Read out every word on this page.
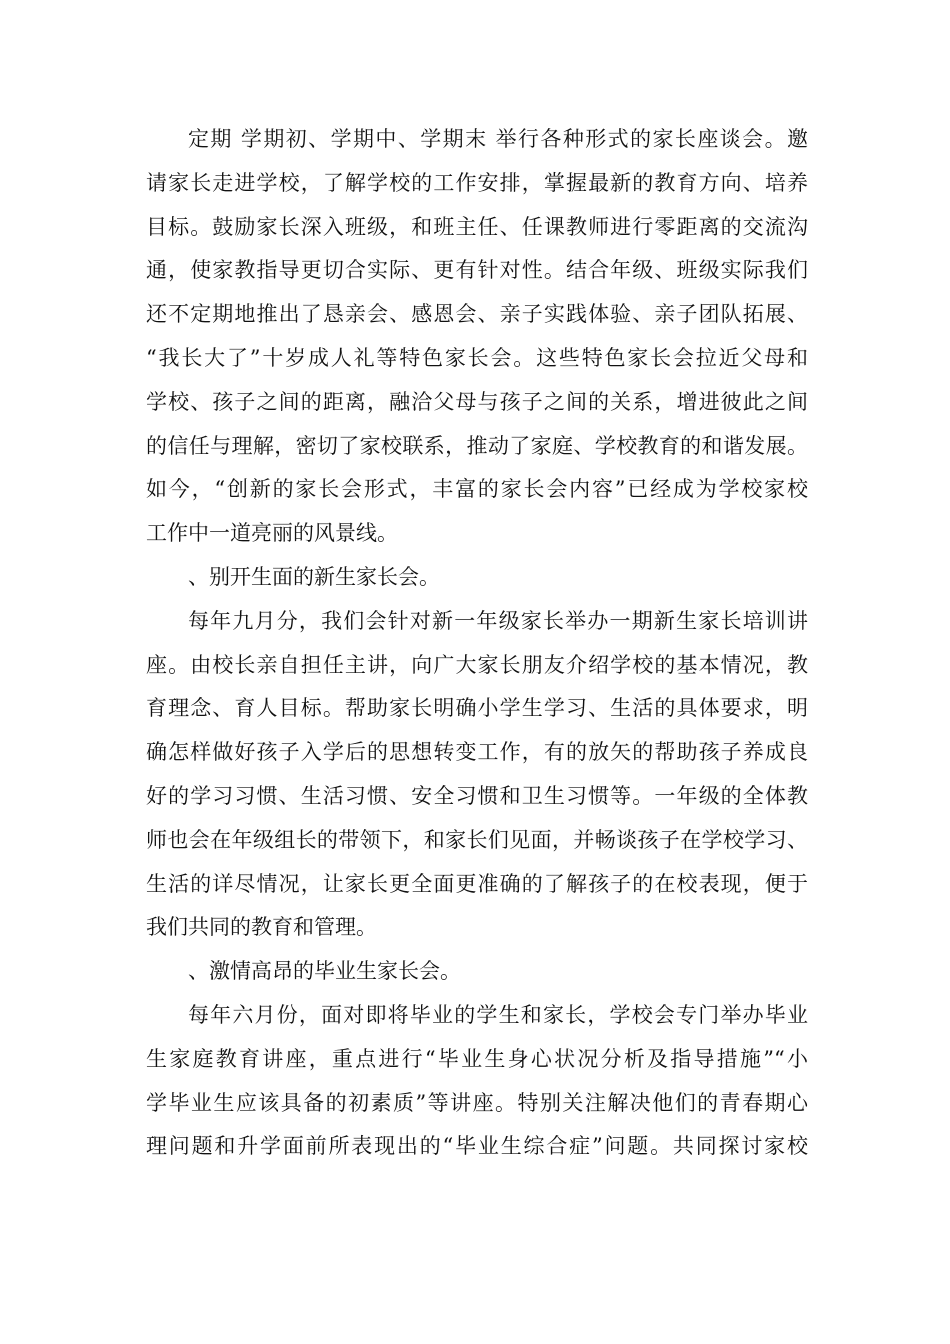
定期 学期初、学期中、学期末 举行各种形式的家长座谈会。邀
请家长走进学校，了解学校的工作安排，掌握最新的教育方向、培养
目标。鼓励家长深入班级，和班主任、任课教师进行零距离的交流沟
通，使家教指导更切合实际、更有针对性。结合年级、班级实际我们
还不定期地推出了恳亲会、感恩会、亲子实践体验、亲子团队拓展、
“我长大了”十岁成人礼等特色家长会。这些特色家长会拉近父母和
学校、孩子之间的距离，融洽父母与孩子之间的关系，增进彼此之间
的信任与理解，密切了家校联系，推动了家庭、学校教育的和谐发展。
如今，“创新的家长会形式，丰富的家长会内容”已经成为学校家校
工作中一道亮丽的风景线。
、别开生面的新生家长会。
每年九月分，我们会针对新一年级家长举办一期新生家长培训讲
座。由校长亲自担任主讲，向广大家长朋友介绍学校的基本情况，教
育理念、育人目标。帮助家长明确小学生学习、生活的具体要求，明
确怎样做好孩子入学后的思想转变工作，有的放矢的帮助孩子养成良
好的学习习惯、生活习惯、安全习惯和卫生习惯等。一年级的全体教
师也会在年级组长的带领下，和家长们见面，并畅谈孩子在学校学习、
生活的详尽情况，让家长更全面更准确的了解孩子的在校表现，便于
我们共同的教育和管理。
、激情高昂的毕业生家长会。
每年六月份，面对即将毕业的学生和家长，学校会专门举办毕业
生家庭教育讲座，重点进行“毕业生身心状况分析及指导措施”“小
学毕业生应该具备的初素质”等讲座。特别关注解决他们的青春期心
理问题和升学面前所表现出的“毕业生综合症”问题。共同探讨家校
